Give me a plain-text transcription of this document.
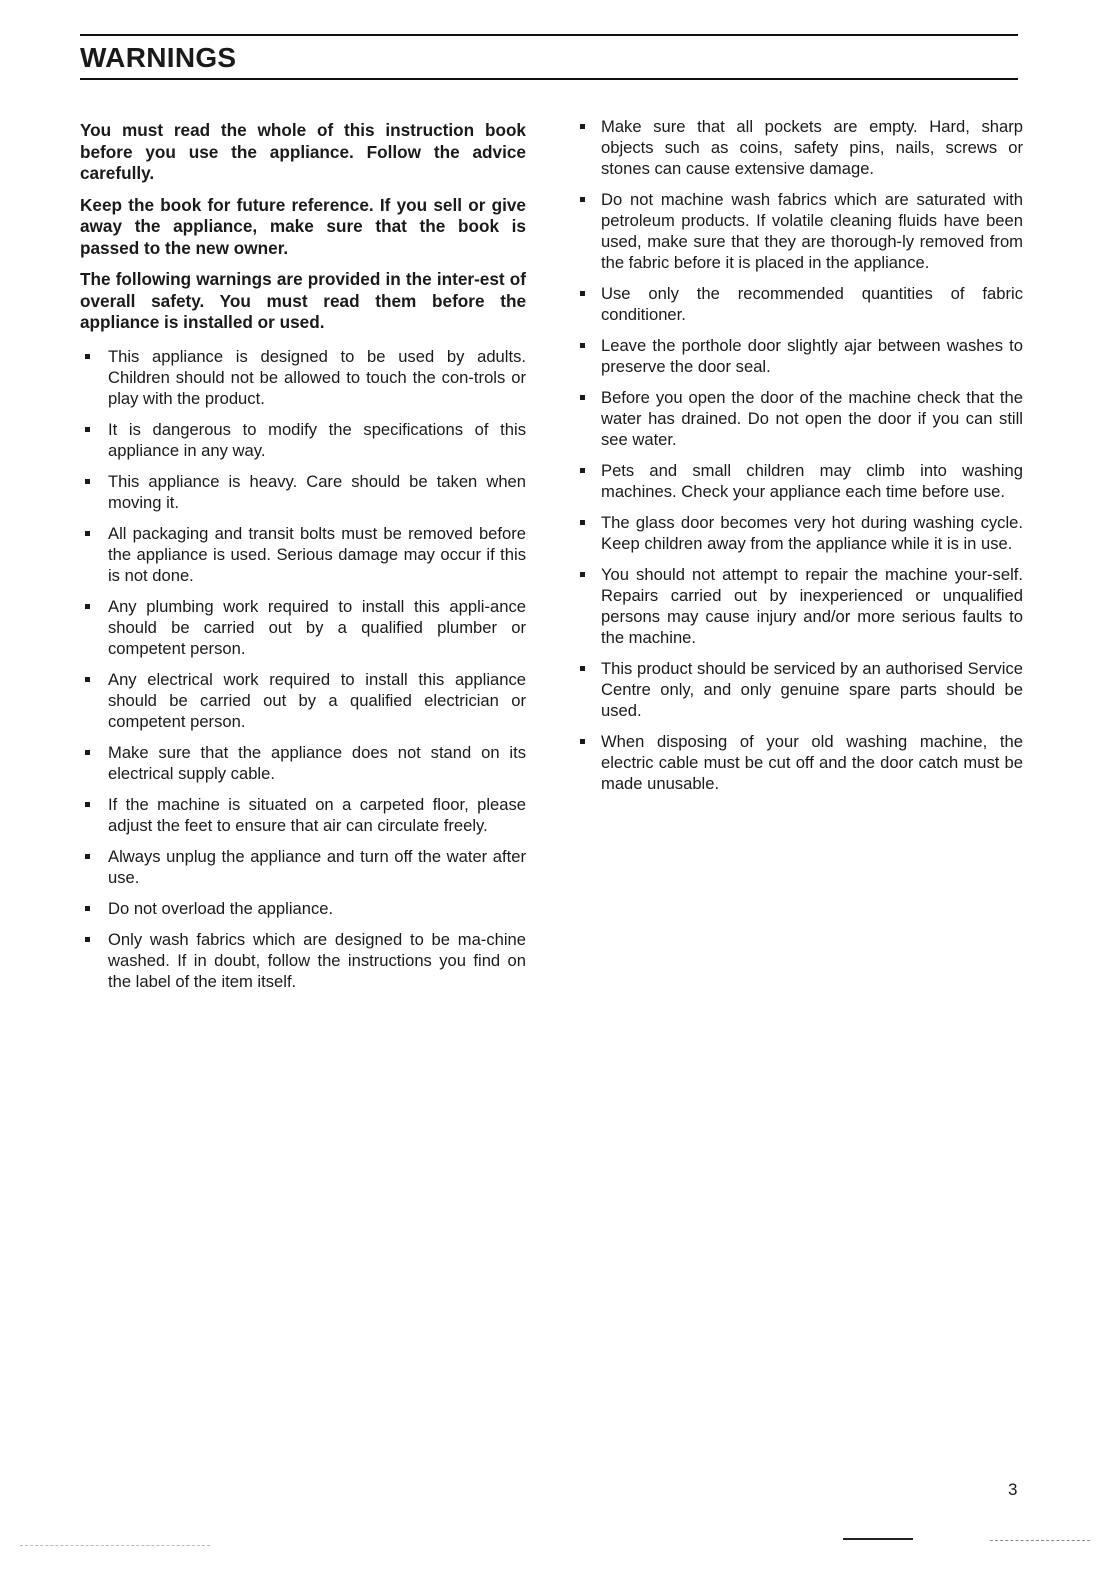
WARNINGS

You must read the whole of this instruction book before you use the appliance. Follow the advice carefully.

Keep the book for future reference. If you sell or give away the appliance, make sure that the book is passed to the new owner.

The following warnings are provided in the inter-est of overall safety. You must read them before the appliance is installed or used.

This appliance is designed to be used by adults. Children should not be allowed to touch the con-trols or play with the product.
It is dangerous to modify the specifications of this appliance in any way.
This appliance is heavy. Care should be taken when moving it.
All packaging and transit bolts must be removed before the appliance is used. Serious damage may occur if this is not done.
Any plumbing work required to install this appli-ance should be carried out by a qualified plumber or competent person.
Any electrical work required to install this appliance should be carried out by a qualified electrician or competent person.
Make sure that the appliance does not stand on its electrical supply cable.
If the machine is situated on a carpeted floor, please adjust the feet to ensure that air can circulate freely.
Always unplug the appliance and turn off the water after use.
Do not overload the appliance.
Only wash fabrics which are designed to be ma-chine washed. If in doubt, follow the instructions you find on the label of the item itself.
Make sure that all pockets are empty. Hard, sharp objects such as coins, safety pins, nails, screws or stones can cause extensive damage.
Do not machine wash fabrics which are saturated with petroleum products. If volatile cleaning fluids have been used, make sure that they are thorough-ly removed from the fabric before it is placed in the appliance.
Use only the recommended quantities of fabric conditioner.
Leave the porthole door slightly ajar between washes to preserve the door seal.
Before you open the door of the machine check that the water has drained. Do not open the door if you can still see water.
Pets and small children may climb into washing machines. Check your appliance each time before use.
The glass door becomes very hot during washing cycle. Keep children away from the appliance while it is in use.
You should not attempt to repair the machine your-self. Repairs carried out by inexperienced or unqualified persons may cause injury and/or more serious faults to the machine.
This product should be serviced by an authorised Service Centre only, and only genuine spare parts should be used.
When disposing of your old washing machine, the electric cable must be cut off and the door catch must be made unusable.
3
